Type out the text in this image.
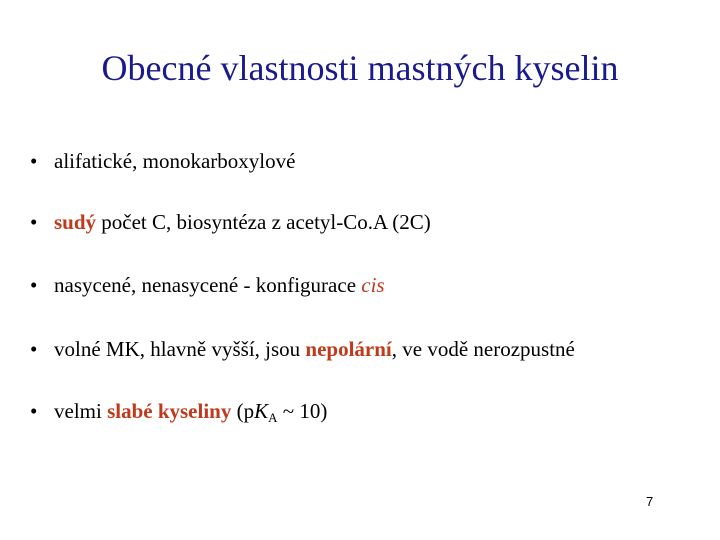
Obecné vlastnosti mastných kyselin
• alifatické, monokarboxylové
• sudý počet C, biosyntéza z acetyl-Co.A (2C)
• nasycené, nenasycené - konfigurace cis
• volné MK, hlavně vyšší, jsou nepolární, ve vodě nerozpustné
• velmi slabé kyseliny ($pK_A$ ~ 10)
7
